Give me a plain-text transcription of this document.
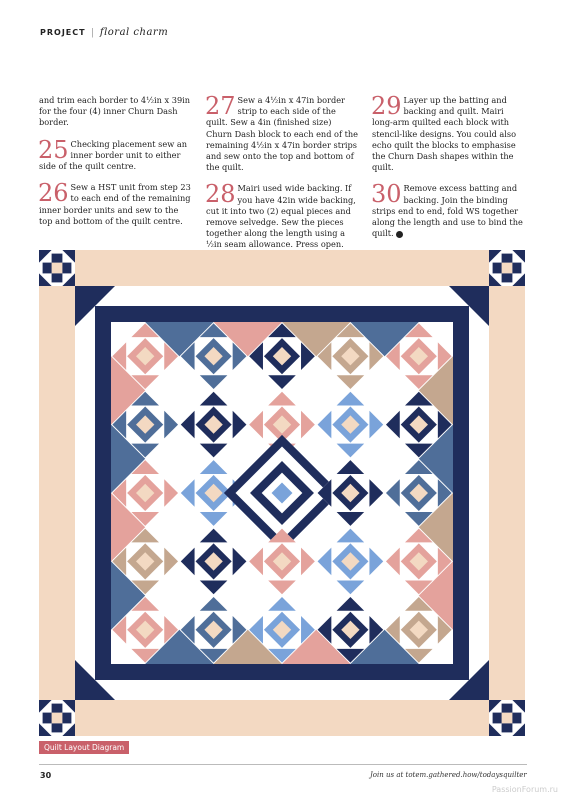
PROJECT | floral charm

and trim each border to 4½in x 39in for the four (4) inner Churn Dash border.

25 Checking placement sew an inner border unit to either side of the quilt centre.

26 Sew a HST unit from step 23 to each end of the remaining inner border units and sew to the top and bottom of the quilt centre.

27 Sew a 4½in x 47in border strip to each side of the quilt. Sew a 4in (finished size) Churn Dash block to each end of the remaining 4½in x 47in border strips and sew onto the top and bottom of the quilt.

28 Mairi used wide backing. If you have 42in wide backing, cut it into two (2) equal pieces and remove selvedge. Sew the pieces together along the length using a ½in seam allowance. Press open.

29 Layer up the batting and backing and quilt. Mairi long-arm quilted each block with stencil-like designs. You could also echo quilt the blocks to emphasise the Churn Dash shapes within the quilt.

30 Remove excess batting and backing. Join the binding strips end to end, fold WS together along the length and use to bind the quilt.

Quilt Layout Diagram
30	Join us at totem.gathered.how/todaysquilter
PassionForum.ru
